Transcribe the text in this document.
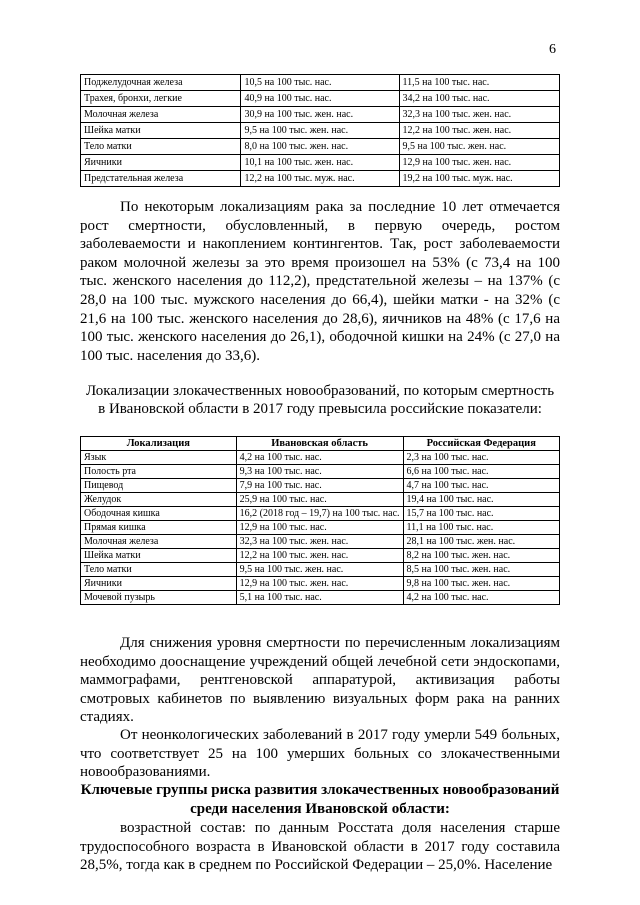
6
Поджелудочная железа	10,5 на 100 тыс. нас.	11,5 на 100 тыс. нас.
Трахея, бронхи, легкие	40,9 на 100 тыс. нас.	34,2 на 100 тыс. нас.
Молочная железа	30,9 на 100 тыс. жен. нас.	32,3 на 100 тыс. жен. нас.
Шейка матки	9,5 на 100 тыс. жен. нас.	12,2 на 100 тыс. жен. нас.
Тело матки	8,0 на 100 тыс. жен. нас.	9,5 на 100 тыс. жен. нас.
Яичники	10,1 на 100 тыс. жен. нас.	12,9 на 100 тыс. жен. нас.
Предстательная железа	12,2 на 100 тыс. муж. нас.	19,2 на 100 тыс. муж. нас.

По некоторым локализациям рака за последние 10 лет отмечается рост смертности, обусловленный, в первую очередь, ростом заболеваемости и накоплением контингентов. Так, рост заболеваемости раком молочной железы за это время произошел на 53% (с 73,4 на 100 тыс. женского населения до 112,2), предстательной железы – на 137% (с 28,0 на 100 тыс. мужского населения до 66,4), шейки матки - на 32% (с 21,6 на 100 тыс. женского населения до 28,6), яичников на 48% (с 17,6 на 100 тыс. женского населения до 26,1), ободочной кишки на 24% (с 27,0 на 100 тыс. населения до 33,6).

Локализации злокачественных новообразований, по которым смертность
в Ивановской области в 2017 году превысила российские показатели:
Локализация	Ивановская область	Российская Федерация
Язык	4,2 на 100 тыс. нас.	2,3 на 100 тыс. нас.
Полость рта	9,3 на 100 тыс. нас.	6,6 на 100 тыс. нас.
Пищевод	7,9 на 100 тыс. нас.	4,7 на 100 тыс. нас.
Желудок	25,9 на 100 тыс. нас.	19,4 на 100 тыс. нас.
Ободочная кишка	16,2 (2018 год – 19,7) на 100 тыс. нас.	15,7 на 100 тыс. нас.
Прямая кишка	12,9 на 100 тыс. нас.	11,1 на 100 тыс. нас.
Молочная железа	32,3 на 100 тыс. жен. нас.	28,1 на 100 тыс. жен. нас.
Шейка матки	12,2 на 100 тыс. жен. нас.	8,2 на 100 тыс. жен. нас.
Тело матки	9,5 на 100 тыс. жен. нас.	8,5 на 100 тыс. жен. нас.
Яичники	12,9 на 100 тыс. жен. нас.	9,8 на 100 тыс. жен. нас.
Мочевой пузырь	5,1 на 100 тыс. нас.	4,2 на 100 тыс. нас.

Для снижения уровня смертности по перечисленным локализациям необходимо дооснащение учреждений общей лечебной сети эндоскопами, маммографами, рентгеновской аппаратурой, активизация работы смотровых кабинетов по выявлению визуальных форм рака на ранних стадиях.

От неонкологических заболеваний в 2017 году умерли 549 больных, что соответствует 25 на 100 умерших больных со злокачественными новообразованиями.

Ключевые группы риска развития злокачественных новообразований
среди населения Ивановской области:

возрастной состав: по данным Росстата доля населения старше трудоспособного возраста в Ивановской области в 2017 году составила 28,5%, тогда как в среднем по Российской Федерации – 25,0%. Население
